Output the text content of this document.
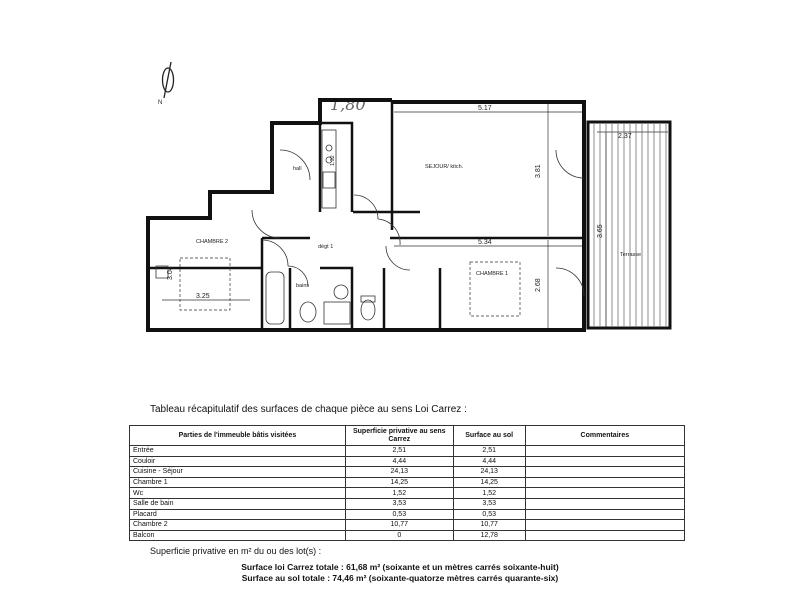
N	1,80
SEJOUR/ kitch.
CHAMBRE 1
CHAMBRE 2
hall
dégt 1
bains
Terrasse
5.17
3.81
5.34
2.68
2.37
3.65
3.25
3.04
1.32
Tableau récapitulatif des surfaces de chaque pièce au sens Loi Carrez :
Parties de l'immeuble bâtis visitées	Superficie privative au sens Carrez	Surface au sol	Commentaires
Entrée	2,51	2,51	
Couloir	4,44	4,44	
Cuisine - Séjour	24,13	24,13	
Chambre 1	14,25	14,25	
Wc	1,52	1,52	
Salle de bain	3,53	3,53	
Placard	0,53	0,53	
Chambre 2	10,77	10,77	
Balcon	0	12,78	
Superficie privative en m² du ou des lot(s) :
Surface loi Carrez totale : 61,68 m² (soixante et un mètres carrés soixante-huit)
Surface au sol totale : 74,46 m² (soixante-quatorze mètres carrés quarante-six)
